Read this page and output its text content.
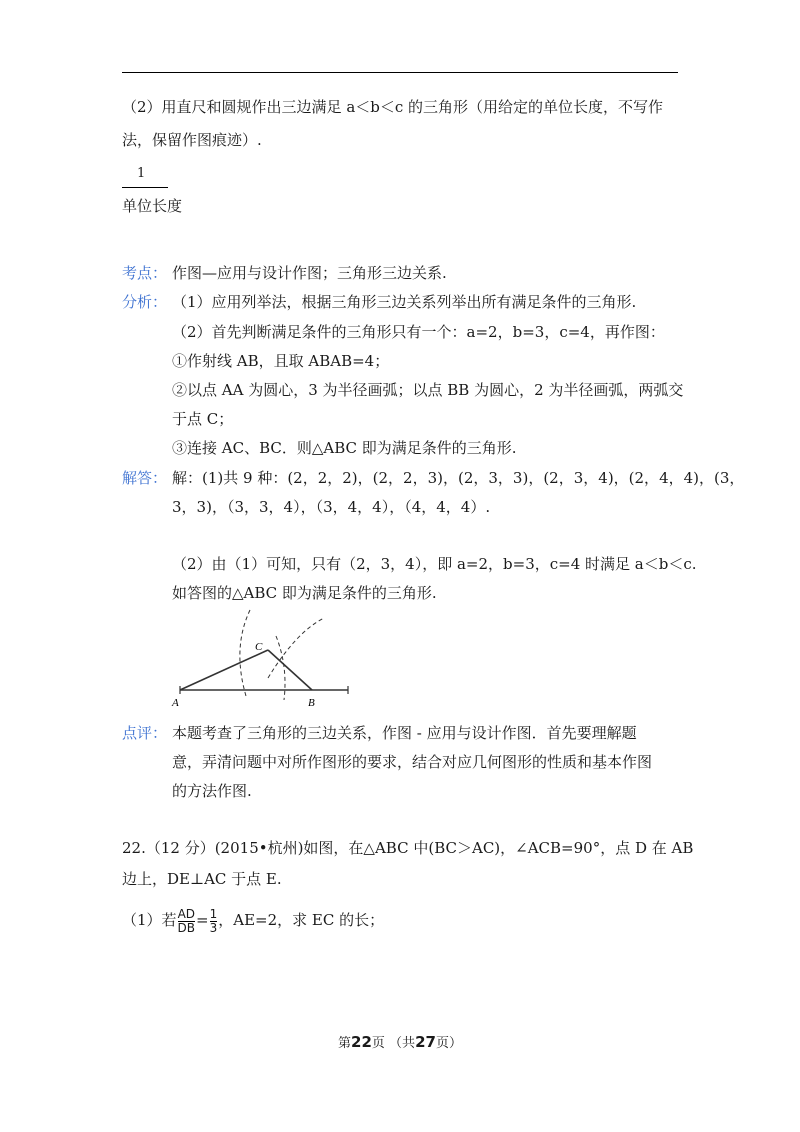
（2）用直尺和圆规作出三边满足 a＜b＜c 的三角形（用给定的单位长度，不写作
法，保留作图痕迹）.
1
单位长度
考点： 作图—应用与设计作图；三角形三边关系.
分析： （1）应用列举法，根据三角形三边关系列举出所有满足条件的三角形.
（2）首先判断满足条件的三角形只有一个：a=2，b=3，c=4，再作图：
①作射线 AB，且取 ABAB=4；
②以点 AA 为圆心，3 为半径画弧；以点 BB 为圆心，2 为半径画弧，两弧交
于点 C；
③连接 AC、BC．则△ABC 即为满足条件的三角形.
解答： 解：(1)共 9 种：(2，2，2)，(2，2，3)，(2，3，3)，(2，3，4)，(2，4，4)，(3，
3，3)，（3，3，4），（3，4，4），（4，4，4）.
（2）由（1）可知，只有（2，3，4），即 a=2，b=3，c=4 时满足 a＜b＜c.
如答图的△ABC 即为满足条件的三角形.
A	B
C
点评： 本题考查了三角形的三边关系，作图 - 应用与设计作图．首先要理解题
意，弄清问题中对所作图形的要求，结合对应几何图形的性质和基本作图
的方法作图.
22.（12 分）(2015•杭州)如图，在△ABC 中(BC＞AC)，∠ACB=90°，点 D 在 AB
边上，DE⊥AC 于点 E.
（1）若 $\frac{AD}{DB} = \frac{1}{3}$ ，AE=2，求 EC 的长；
第22页 （共27页）
